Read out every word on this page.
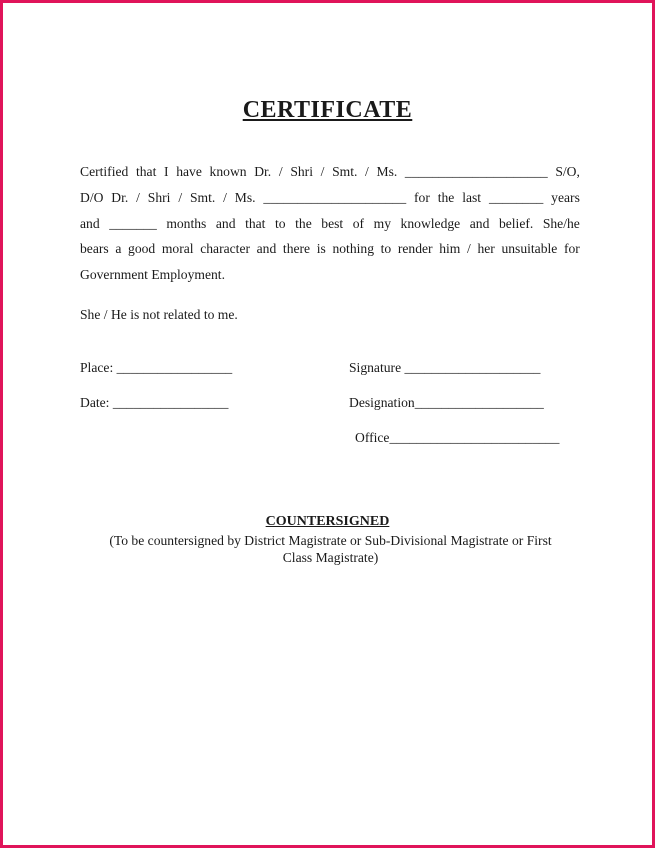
CERTIFICATE
Certified that I have known Dr. / Shri / Smt. / Ms. _____________________ S/O,
D/O Dr. / Shri / Smt. / Ms. _____________________ for the last ________ years
and _______ months and that to the best of my knowledge and belief. She/he
bears a good moral character and there is nothing to render him / her unsuitable for
Government Employment.
She / He is not related to me.
Place: _________________
Date: _________________
Signature ____________________
Designation___________________
Office_________________________
COUNTERSIGNED
(To be countersigned by District Magistrate or Sub-Divisional Magistrate or First
Class Magistrate)
